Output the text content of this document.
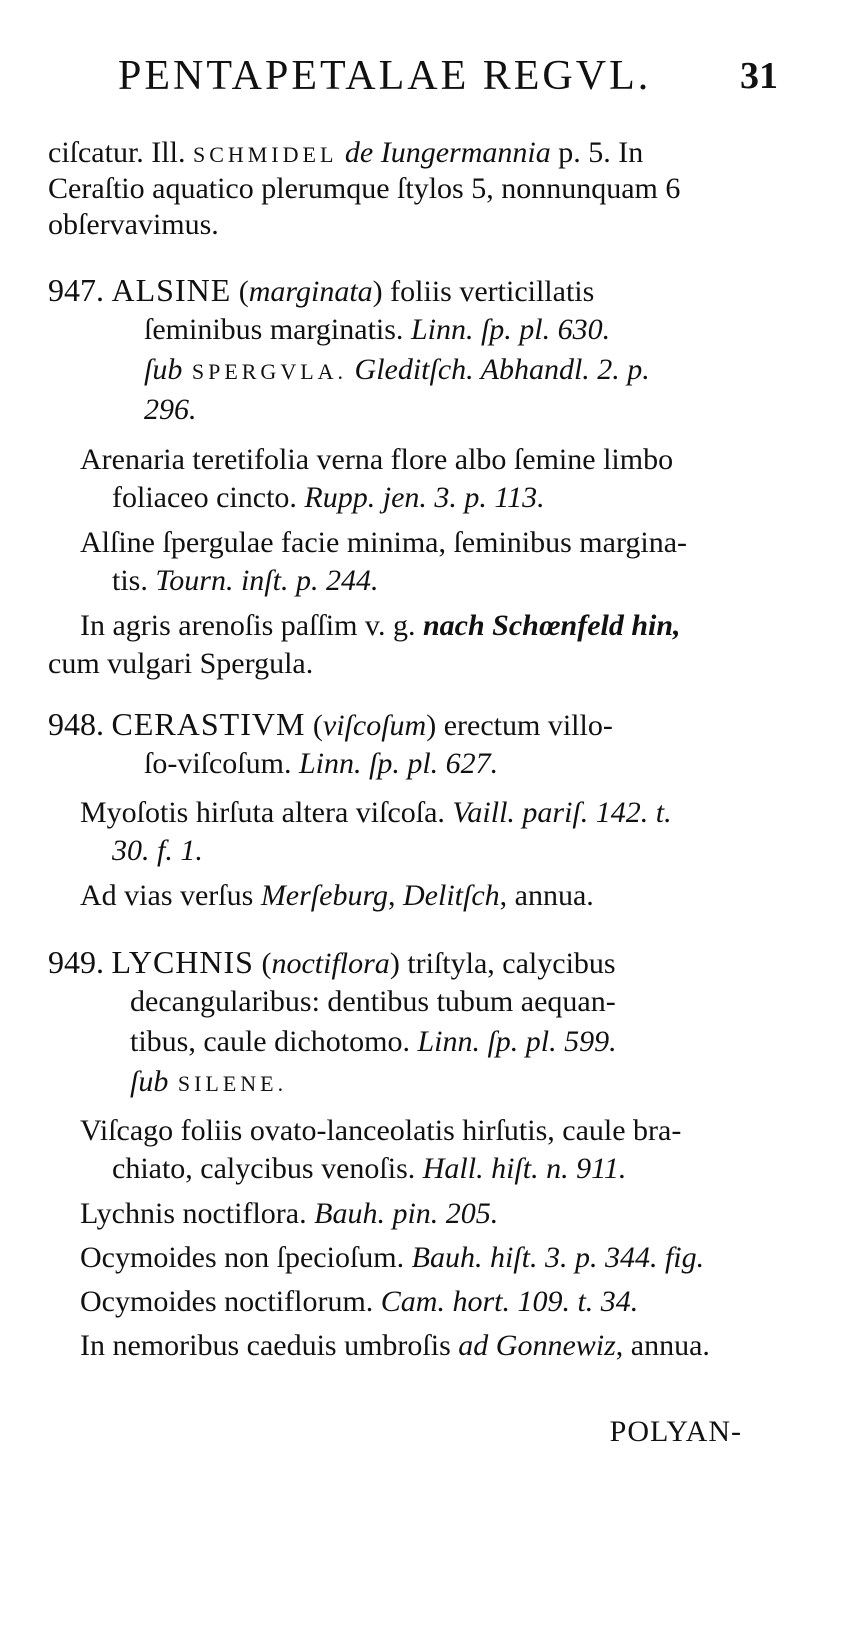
PENTAPETALAE REGVL. 31
ciſcatur. Ill. SCHMIDEL de Iungermannia p. 5. In
Ceraſtio aquatico plerumque ſtylos 5, nonnunquam 6
obſervavimus.
947. ALSINE (marginata) foliis verticillatis
ſeminibus marginatis. Linn. ſp. pl. 630.
ſub SPERGVLA. Gleditſch. Abhandl. 2. p.
296.
Arenaria teretifolia verna flore albo ſemine limbo
foliaceo cincto. Rupp. jen. 3. p. 113.
Alſine ſpergulae facie minima, ſeminibus margina-
tis. Tourn. inſt. p. 244.
In agris arenoſis paſſim v. g. nach Schœnfeld hin,
cum vulgari Spergula.
948. CERASTIVM (viſcoſum) erectum villo-
ſo-viſcoſum. Linn. ſp. pl. 627.
Myoſotis hirſuta altera viſcoſa. Vaill. pariſ. 142. t.
30. f. 1.
Ad vias verſus Merſeburg, Delitſch, annua.
949. LYCHNIS (noctiflora) triſtyla, calycibus
decangularibus: dentibus tubum aequan-
tibus, caule dichotomo. Linn. ſp. pl. 599.
ſub SILENE.
Viſcago foliis ovato-lanceolatis hirſutis, caule bra-
chiato, calycibus venoſis. Hall. hiſt. n. 911.
Lychnis noctiflora. Bauh. pin. 205.
Ocymoides non ſpecioſum. Bauh. hiſt. 3. p. 344. fig.
Ocymoides noctiflorum. Cam. hort. 109. t. 34.
In nemoribus caeduis umbroſis ad Gonnewiz, annua.
POLYAN-
